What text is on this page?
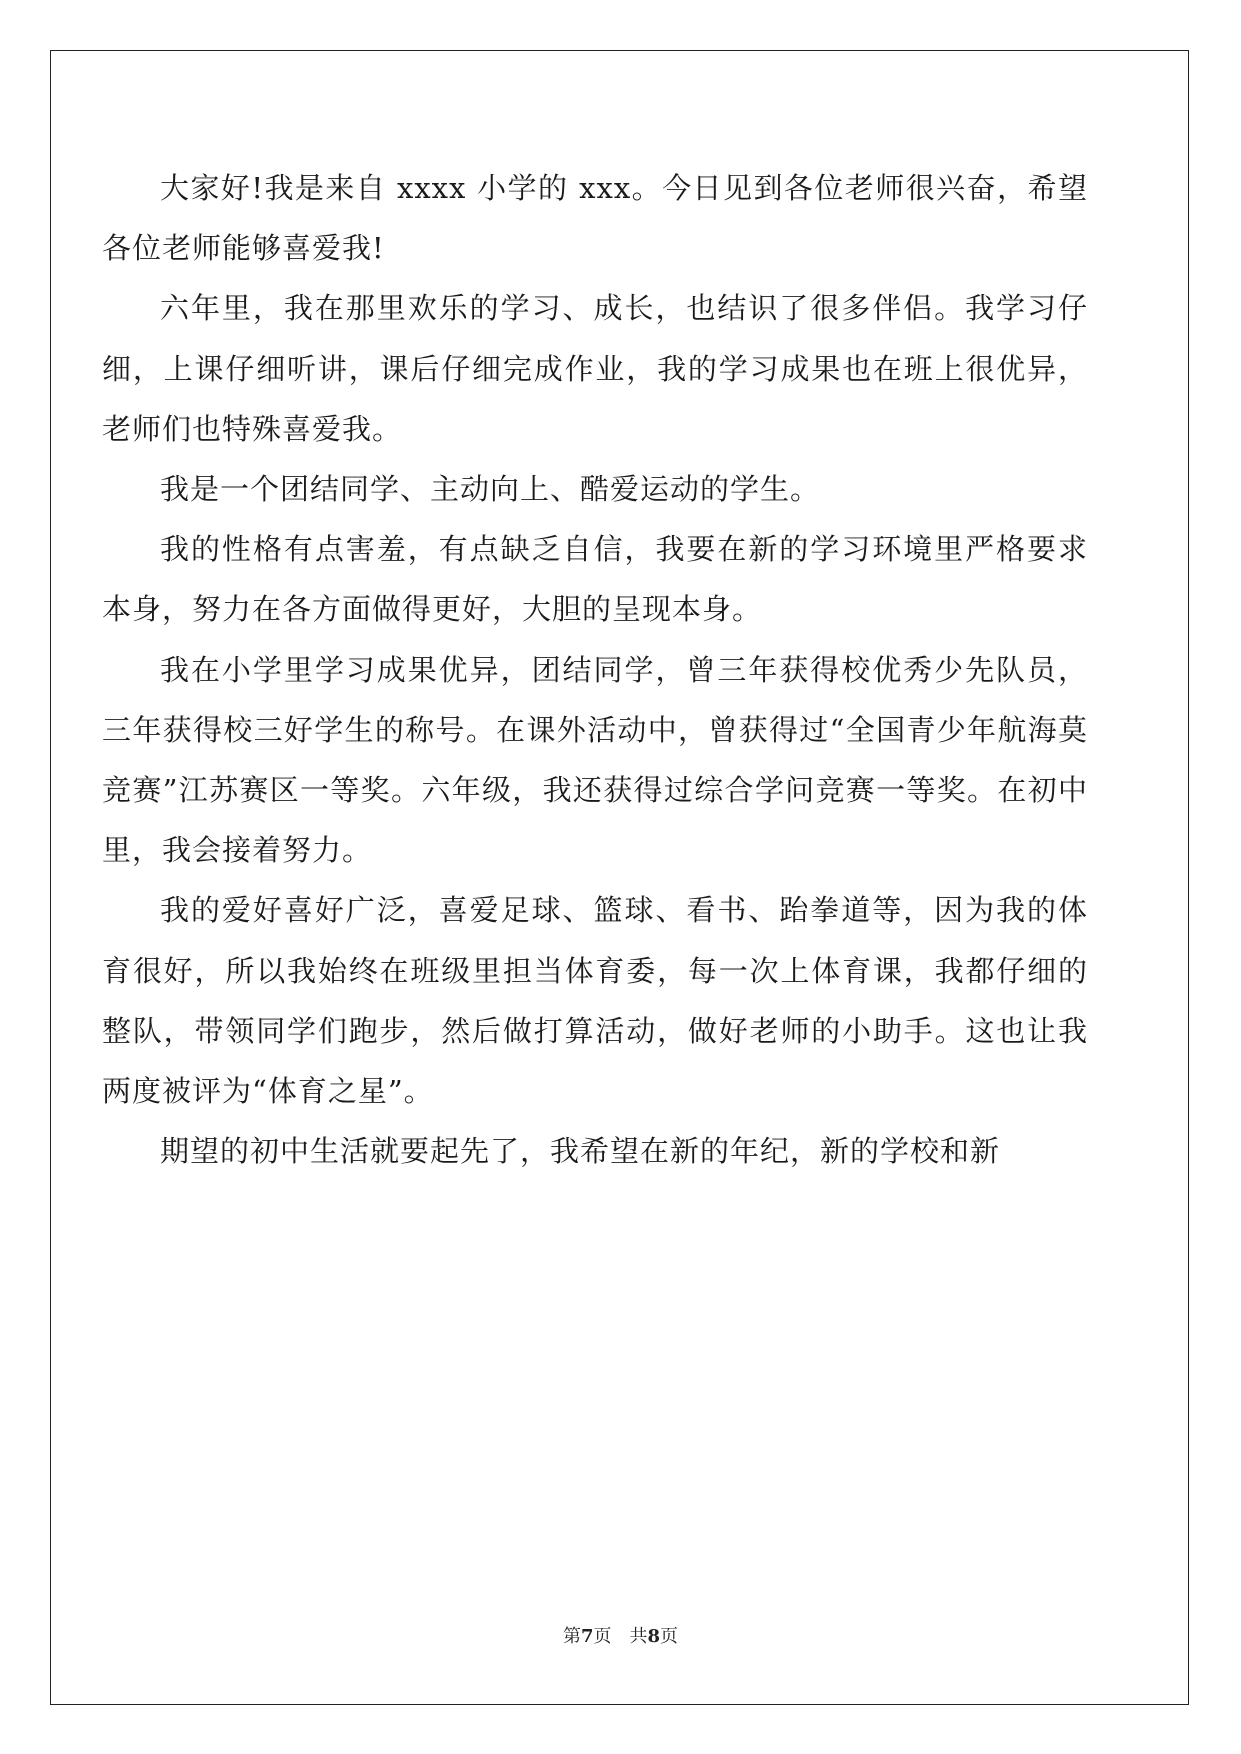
大家好!我是来自 xxxx 小学的 xxx。今日见到各位老师很兴奋，希望各位老师能够喜爱我!

六年里，我在那里欢乐的学习、成长，也结识了很多伴侣。我学习仔细，上课仔细听讲，课后仔细完成作业，我的学习成果也在班上很优异，老师们也特殊喜爱我。

我是一个团结同学、主动向上、酷爱运动的学生。

我的性格有点害羞，有点缺乏自信，我要在新的学习环境里严格要求本身，努力在各方面做得更好，大胆的呈现本身。

我在小学里学习成果优异，团结同学，曾三年获得校优秀少先队员，三年获得校三好学生的称号。在课外活动中，曾获得过“全国青少年航海莫竞赛”江苏赛区一等奖。六年级，我还获得过综合学问竞赛一等奖。在初中里，我会接着努力。

我的爱好喜好广泛，喜爱足球、篮球、看书、跆拳道等，因为我的体育很好，所以我始终在班级里担当体育委，每一次上体育课，我都仔细的整队，带领同学们跑步，然后做打算活动，做好老师的小助手。这也让我两度被评为“体育之星”。

期望的初中生活就要起先了，我希望在新的年纪，新的学校和新

第7页 共8页
